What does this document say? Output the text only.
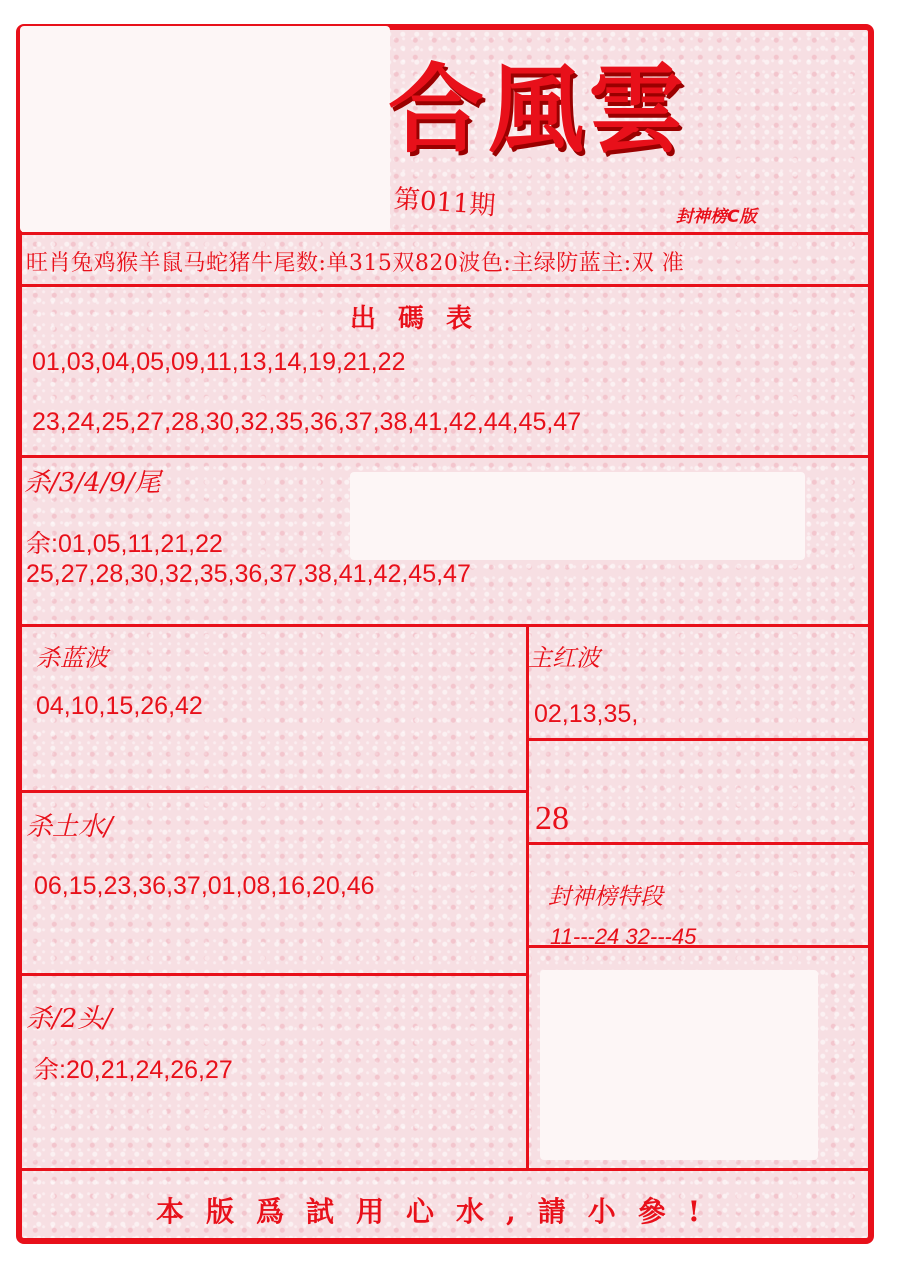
合風雲
第011期	封神榜C版
旺肖兔鸡猴羊鼠马蛇猪牛尾数:单315双820波色:主绿防蓝主:双 准
出碼表
01,03,04,05,09,11,13,14,19,21,22
23,24,25,27,28,30,32,35,36,37,38,41,42,44,45,47
杀/3/4/9/尾
余:01,05,11,21,22
25,27,28,30,32,35,36,37,38,41,42,45,47
杀蓝波
04,10,15,26,42
主红波
02,13,35,
28
杀土水/
06,15,23,36,37,01,08,16,20,46	封神榜特段
11---24 32---45
杀/2头/
余:20,21,24,26,27
本版爲試用心水,請小參!
